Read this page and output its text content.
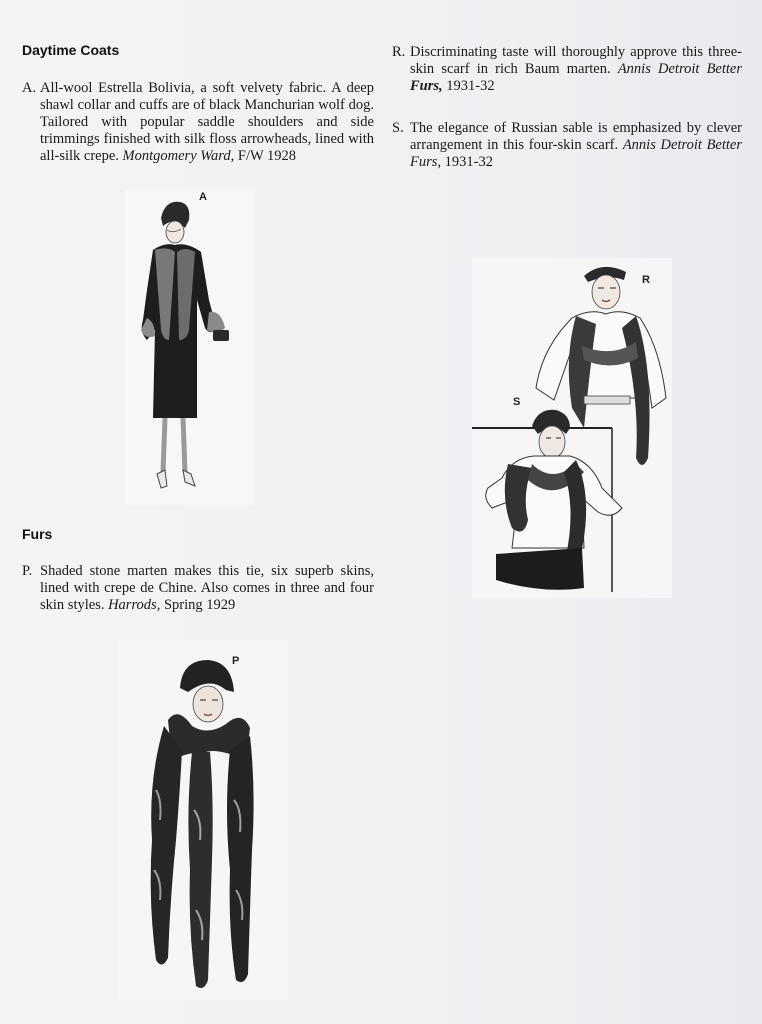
Daytime Coats
A. All-wool Estrella Bolivia, a soft velvety fabric. A deep shawl collar and cuffs are of black Manchurian wolf dog. Tailored with popular saddle shoulders and side trimmings finished with silk floss arrowheads, lined with all-silk crepe. Montgomery Ward, F/W 1928
A
Furs
P. Shaded stone marten makes this tie, six superb skins, lined with crepe de Chine. Also comes in three and four skin styles. Harrods, Spring 1929
P
R. Discriminating taste will thoroughly approve this three-skin scarf in rich Baum marten. Annis Detroit Better Furs, 1931-32
S. The elegance of Russian sable is emphasized by clever arrangement in this four-skin scarf. Annis Detroit Better Furs, 1931-32
R
S
